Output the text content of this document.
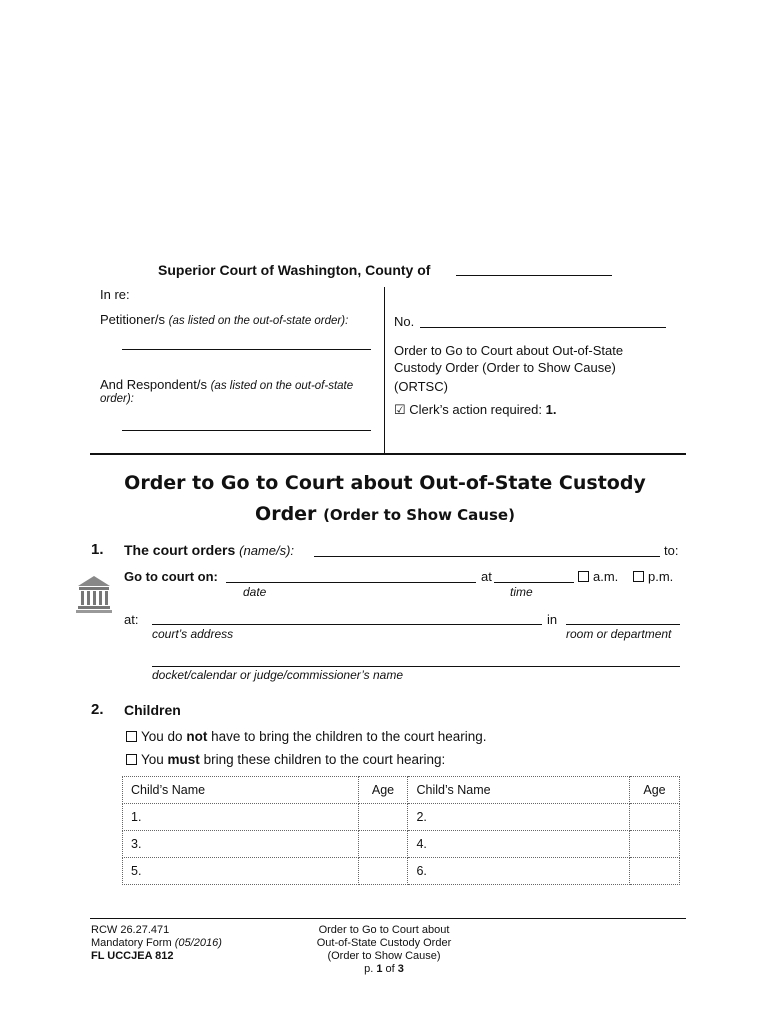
Superior Court of Washington, County of
In re:
Petitioner/s (as listed on the out-of-state order):
And Respondent/s (as listed on the out-of-state
order):
No.
Order to Go to Court about Out-of-State
Custody Order (Order to Show Cause)
(ORTSC)
☑ Clerk’s action required: 1.
Order to Go to Court about Out-of-State Custody
Order (Order to Show Cause)
1. The court orders (name/s):	to:
Go to court on:	at	a.m.	p.m.
date	time
at:	in
court’s address	room or department
docket/calendar or judge/commissioner’s name
2. Children
You do not have to bring the children to the court hearing.
You must bring these children to the court hearing:
Child’s Name	Age	Child’s Name	Age
1.		2.	
3.		4.	
5.		6.	
RCW 26.27.471
Mandatory Form (05/2016)
FL UCCJEA 812
Order to Go to Court about
Out-of-State Custody Order
(Order to Show Cause)
p. 1 of 3
